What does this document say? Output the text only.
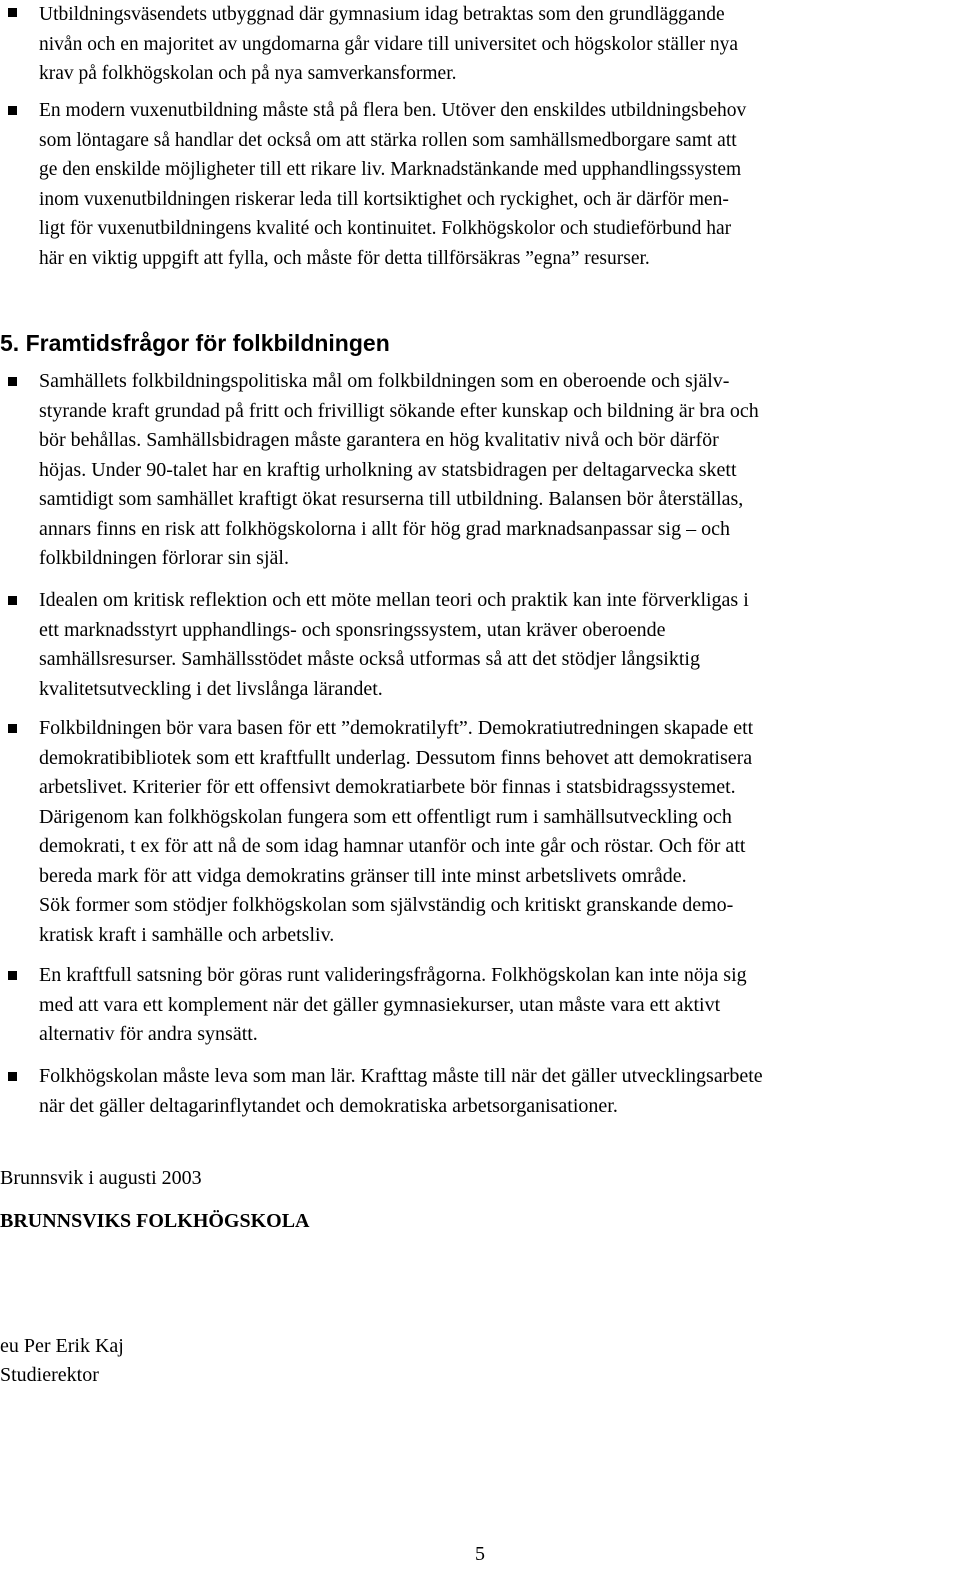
Utbildningsväsendets utbyggnad där gymnasium idag betraktas som den grundläggande
nivån och en majoritet av ungdomarna går vidare till universitet och högskolor ställer nya
krav på folkhögskolan och på nya samverkansformer.
En modern vuxenutbildning måste stå på flera ben. Utöver den enskildes utbildningsbehov
som löntagare så handlar det också om att stärka rollen som samhällsmedborgare samt att
ge den enskilde möjligheter till ett rikare liv. Marknadstänkande med upphandlingssystem
inom vuxenutbildningen riskerar leda till kortsiktighet och ryckighet, och är därför men-
ligt för vuxenutbildningens kvalité och kontinuitet. Folkhögskolor och studieförbund har
här en viktig uppgift att fylla, och måste för detta tillförsäkras ”egna” resurser.
5. Framtidsfrågor för folkbildningen
Samhällets folkbildningspolitiska mål om folkbildningen som en oberoende och själv-
styrande kraft grundad på fritt och frivilligt sökande efter kunskap och bildning är bra och
bör behållas. Samhällsbidragen måste garantera en hög kvalitativ nivå och bör därför
höjas. Under 90-talet har en kraftig urholkning av statsbidragen per deltagarvecka skett
samtidigt som samhället kraftigt ökat resurserna till utbildning. Balansen bör återställas,
annars finns en risk att folkhögskolorna i allt för hög grad marknadsanpassar sig – och
folkbildningen förlorar sin själ.
Idealen om kritisk reflektion och ett möte mellan teori och praktik kan inte förverkligas i
ett marknadsstyrt upphandlings- och sponsringssystem, utan kräver oberoende
samhällsresurser. Samhällsstödet måste också utformas så att det stödjer långsiktig
kvalitetsutveckling i det livslånga lärandet.
Folkbildningen bör vara basen för ett ”demokratilyft”. Demokratiutredningen skapade ett
demokratibibliotek som ett kraftfullt underlag. Dessutom finns behovet att demokratisera
arbetslivet. Kriterier för ett offensivt demokratiarbete bör finnas i statsbidragssystemet.
Därigenom kan folkhögskolan fungera som ett offentligt rum i samhällsutveckling och
demokrati, t ex för att nå de som idag hamnar utanför och inte går och röstar. Och för att
bereda mark för att vidga demokratins gränser till inte minst arbetslivets område.
Sök former som stödjer folkhögskolan som självständig och kritiskt granskande demo-
kratisk kraft i samhälle och arbetsliv.
En kraftfull satsning bör göras runt valideringsfrågorna. Folkhögskolan kan inte nöja sig
med att vara ett komplement när det gäller gymnasiekurser, utan måste vara ett aktivt
alternativ för andra synsätt.
Folkhögskolan måste leva som man lär. Krafttag måste till när det gäller utvecklingsarbete
när det gäller deltagarinflytandet och demokratiska arbetsorganisationer.
Brunnsvik i augusti 2003
BRUNNSVIKS FOLKHÖGSKOLA
eu Per Erik Kaj
Studierektor
5
